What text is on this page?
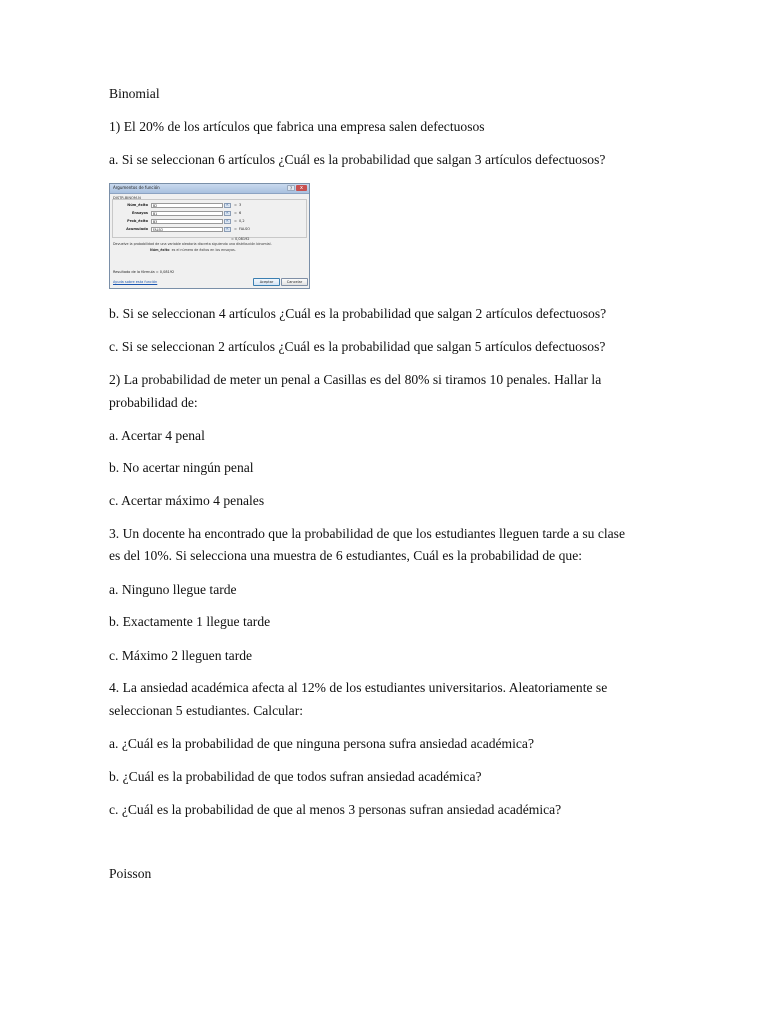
Binomial

1) El 20% de los artículos que fabrica una empresa salen defectuosos

a. Si se seleccionan 6 artículos ¿Cuál es la probabilidad que salgan 3 artículos defectuosos?

Argumentos de función	?	x
DISTR.BINOM.N
Núm_éxito	B2	⇱	= 3
Ensayos	B1	⇱	= 6
Prob_éxito	B3	⇱	= 0,2
Acumulado	FALSO	⇱	= FALSO
= 0,08192
Devuelve la probabilidad de una variable aleatoria discreta siguiendo una distribución binomial.
Núm_éxito es el número de éxitos en los ensayos.
Resultado de la fórmula = 0,08192
Ayuda sobre esta función	Aceptar	Cancelar

b. Si se seleccionan 4 artículos ¿Cuál es la probabilidad que salgan 2 artículos defectuosos?

c. Si se seleccionan 2 artículos ¿Cuál es la probabilidad que salgan 5 artículos defectuosos?

2) La probabilidad de meter un penal a Casillas es del 80% si tiramos 10 penales. Hallar la

probabilidad de:

a. Acertar 4 penal

b. No acertar ningún penal

c. Acertar máximo 4 penales

3. Un docente ha encontrado que la probabilidad de que los estudiantes lleguen tarde a su clase

es del 10%. Si selecciona una muestra de 6 estudiantes, Cuál es la probabilidad de que:

a. Ninguno llegue tarde

b. Exactamente 1 llegue tarde

c. Máximo 2 lleguen tarde

4. La ansiedad académica afecta al 12% de los estudiantes universitarios. Aleatoriamente se

seleccionan 5 estudiantes. Calcular:

a. ¿Cuál es la probabilidad de que ninguna persona sufra ansiedad académica?

b. ¿Cuál es la probabilidad de que todos sufran ansiedad académica?

c. ¿Cuál es la probabilidad de que al menos 3 personas sufran ansiedad académica?

Poisson
